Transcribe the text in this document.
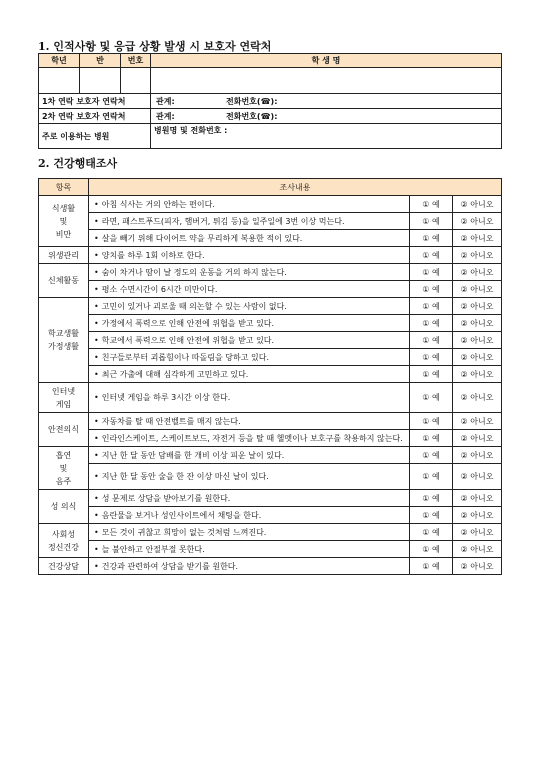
1. 인적사항 및 응급 상황 발생 시 보호자 연락처
학년	반	번호	학 생 명

1차 연락 보호자 연락처			관계: 전화번호(☎):
2차 연락 보호자 연락처			관계: 전화번호(☎):
주로 이용하는 병원			병원명 및 전화번호 :
2. 건강행태조사
항목	조사내용		
식생활
및
비만	• 아침 식사는 거의 안하는 편이다.	① 예	② 아니오
• 라면, 패스트푸드(피자, 햄버거, 튀김 등)을 일주일에 3번 이상 먹는다.	① 예	② 아니오
• 살을 빼기 위해 다이어트 약을 무리하게 복용한 적이 있다.	① 예	② 아니오
위생관리	•양치를 하루 1회 이하로 한다.	① 예	② 아니오
신체활동	• 숨이 차거나 땀이 날 정도의 운동을 거의 하지 않는다.	① 예	② 아니오
• 평소 수면시간이 6시간 미만이다.	① 예	② 아니오
학교생활
가정생활	• 고민이 있거나 괴로울 때 의논할 수 있는 사람이 없다.	① 예	② 아니오
• 가정에서 폭력으로 인해 안전에 위협을 받고 있다.	① 예	② 아니오
• 학교에서 폭력으로 인해 안전에 위협을 받고 있다.	① 예	② 아니오
• 친구들로부터 괴롭힘이나 따돌림을 당하고 있다.	① 예	② 아니오
• 최근 가출에 대해 심각하게 고민하고 있다.	① 예	② 아니오
인터넷
게임	• 인터넷 게임을 하루 3시간 이상 한다.	① 예	② 아니오
안전의식	• 자동차를 탈 때 안전벨트를 매지 않는다.	① 예	② 아니오
• 인라인스케이트, 스케이트보드, 자전거 등을 탈 때 헬멧이나 보호구를 착용하지 않는다.	① 예	② 아니오
흡연
및
음주	• 지난 한 달 동안 담배를 한 개비 이상 피운 날이 있다.	① 예	② 아니오
• 지난 한 달 동안 술을 한 잔 이상 마신 날이 있다.	① 예	② 아니오
성 의식	• 성 문제로 상담을 받아보기를 원한다.	① 예	② 아니오
• 음란물을 보거나 성인사이트에서 채팅을 한다.	① 예	② 아니오
사회성
정신건강	• 모든 것이 귀찮고 희망이 없는 것처럼 느껴진다.	① 예	② 아니오
• 늘 불안하고 안절부절 못한다.	① 예	② 아니오
건강상담	•건강과 관련하여 상담을 받기를 원한다.	① 예	② 아니오
